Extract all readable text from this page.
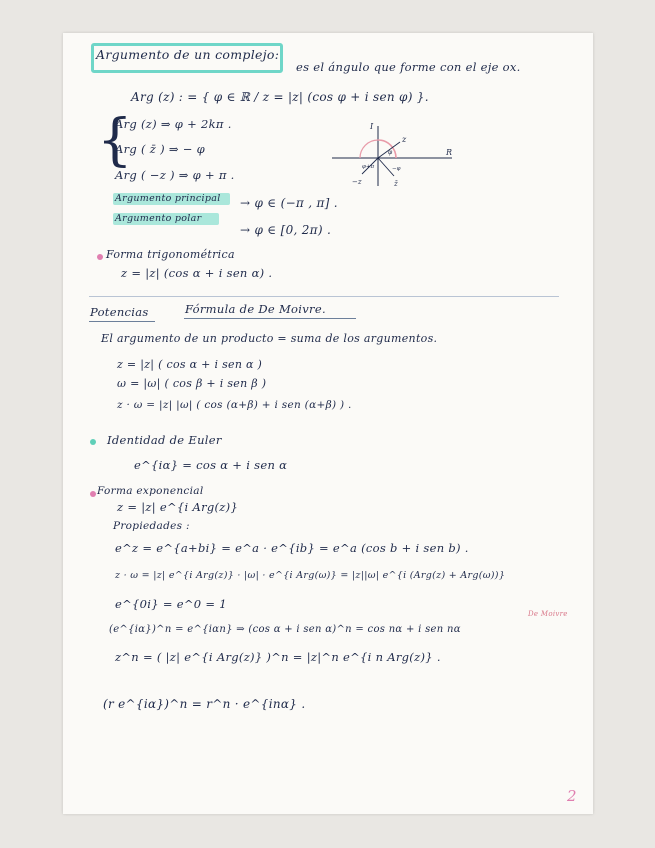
Argumento de un complejo:
es el ángulo que forme con el eje ox.
Arg (z) : = { φ ∈ ℝ / z = |z| (cos φ + i sen φ) }.
{
Arg (z) ⇒ φ + 2kπ .
Arg ( z̄ ) ⇒ − φ
Arg ( −z ) ⇒ φ + π .
I
R
z
φ
φ+π	−φ
−z	z̄
Argumento principal → φ ∈ (−π , π] .
Argumento polar
→ φ ∈ [0, 2π) .
Forma trigonométrica
z = |z| (cos α + i sen α) .
Potencias	Fórmula de De Moivre.
El argumento de un producto = suma de los argumentos.
z = |z| ( cos α + i sen α )
ω = |ω| ( cos β + i sen β )
z · ω = |z| |ω| ( cos (α+β) + i sen (α+β) ) .
Identidad de Euler
e^{iα} = cos α + i sen α
Forma exponencial
z = |z| e^{i Arg(z)}
Propiedades :
e^z = e^{a+bi} = e^a · e^{ib} = e^a (cos b + i sen b) .
z · ω = |z| e^{i Arg(z)} · |ω| · e^{i Arg(ω)} = |z||ω| e^{i (Arg(z) + Arg(ω))}
e^{0i} = e^0 = 1
(e^{iα})^n = e^{iαn} ⇒ (cos α + i sen α)^n = cos nα + i sen nα
De Moivre
z^n = ( |z| e^{i Arg(z)} )^n = |z|^n e^{i n Arg(z)} .
(r e^{iα})^n = r^n · e^{inα} .
2
